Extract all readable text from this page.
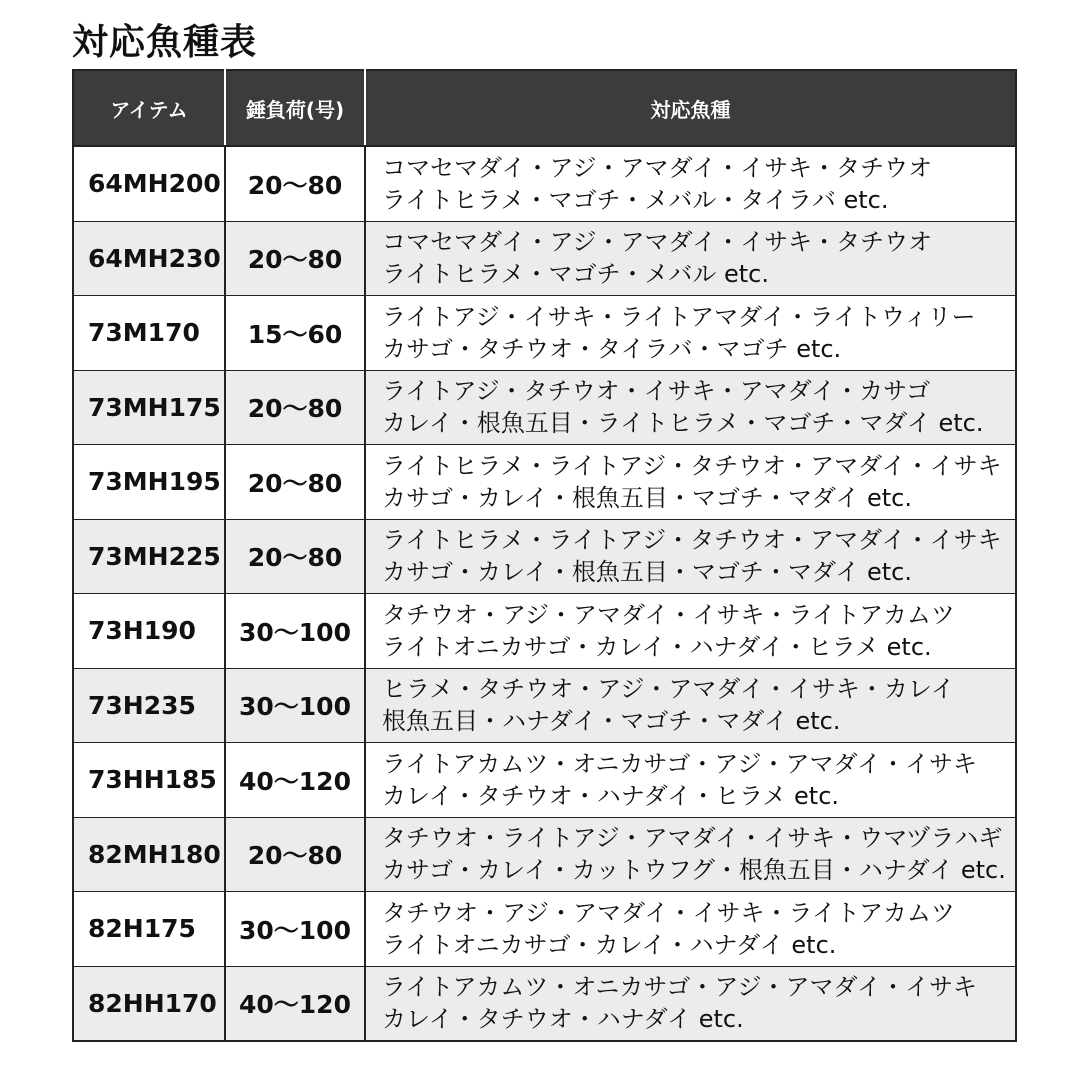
対応魚種表
アイテム	錘負荷(号)	対応魚種
64MH200	20～80	コマセマダイ・アジ・アマダイ・イサキ・タチウオ
ライトヒラメ・マゴチ・メバル・タイラバ etc.

64MH230	20～80	コマセマダイ・アジ・アマダイ・イサキ・タチウオ
ライトヒラメ・マゴチ・メバル etc.

73M170	15～60	ライトアジ・イサキ・ライトアマダイ・ライトウィリー
カサゴ・タチウオ・タイラバ・マゴチ etc.

73MH175	20～80	ライトアジ・タチウオ・イサキ・アマダイ・カサゴ
カレイ・根魚五目・ライトヒラメ・マゴチ・マダイ etc.

73MH195	20～80	ライトヒラメ・ライトアジ・タチウオ・アマダイ・イサキ
カサゴ・カレイ・根魚五目・マゴチ・マダイ etc.

73MH225	20～80	ライトヒラメ・ライトアジ・タチウオ・アマダイ・イサキ
カサゴ・カレイ・根魚五目・マゴチ・マダイ etc.

73H190	30～100	タチウオ・アジ・アマダイ・イサキ・ライトアカムツ
ライトオニカサゴ・カレイ・ハナダイ・ヒラメ etc.

73H235	30～100	ヒラメ・タチウオ・アジ・アマダイ・イサキ・カレイ
根魚五目・ハナダイ・マゴチ・マダイ etc.

73HH185	40～120	ライトアカムツ・オニカサゴ・アジ・アマダイ・イサキ
カレイ・タチウオ・ハナダイ・ヒラメ etc.

82MH180	20～80	タチウオ・ライトアジ・アマダイ・イサキ・ウマヅラハギ
カサゴ・カレイ・カットウフグ・根魚五目・ハナダイ etc.

82H175	30～100	タチウオ・アジ・アマダイ・イサキ・ライトアカムツ
ライトオニカサゴ・カレイ・ハナダイ etc.

82HH170	40～120	ライトアカムツ・オニカサゴ・アジ・アマダイ・イサキ
カレイ・タチウオ・ハナダイ etc.
